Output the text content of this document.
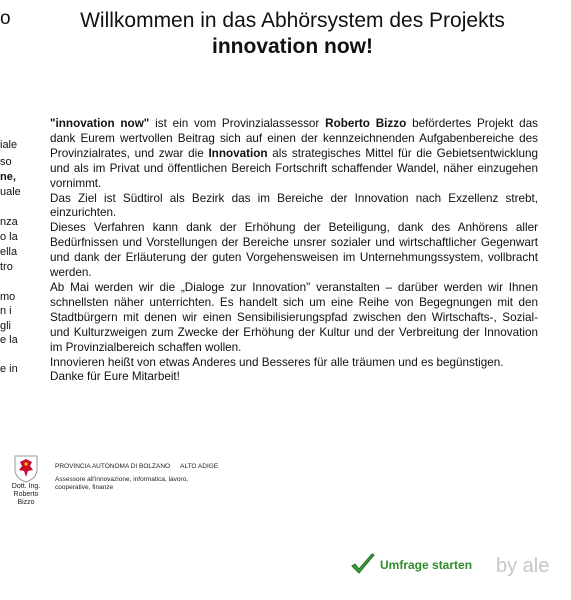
o
iale
so
ne,
uale
nza
o la
ella
tro
mo
n i
gli
e la
e in
Willkommen in das Abhörsystem des Projekts
innovation now!

"innovation now" ist ein vom Provinzialassessor Roberto Bizzo befördertes Projekt das dank Eurem wertvollen Beitrag sich auf einen der kennzeichnenden Aufgabenbereiche des Provinzialrates, und zwar die Innovation als strategisches Mittel für die Gebietsentwicklung und als im Privat und öffentlichen Bereich Fortschrift schaffender Wandel, näher einzugehen vornimmt.

Das Ziel ist Südtirol als Bezirk das im Bereiche der Innovation nach Exzellenz strebt, einzurichten.

Dieses Verfahren kann dank der Erhöhung der Beteiligung, dank des Anhörens aller Bedürfnissen und Vorstellungen der Bereiche unsrer sozialer und wirtschaftlicher Gegenwart und dank der Erläuterung der guten Vorgehensweisen im Unternehmungssystem, vollbracht werden.

Ab Mai werden wir die „Dialoge zur Innovation" veranstalten – darüber werden wir Ihnen schnellsten näher unterrichten. Es handelt sich um eine Reihe von Begegnungen mit den Stadtbürgern mit denen wir einen Sensibilisierungspfad zwischen den Wirtschafts-, Sozial- und Kulturzweigen zum Zwecke der Erhöhung der Kultur und der Verbreitung der Innovation im Provinzialbereich schaffen wollen.

Innovieren heißt von etwas Anderes und Besseres für alle träumen und es begünstigen.

Danke für Eure Mitarbeit!

Dott. Ing.
Roberto Bizzo
PROVINCIA AUTONOMA DI BOLZANO ALTO ADIGE
Assessore all'innovazione, informatica, lavoro,
cooperative, finanze
Umfrage starten by ale
